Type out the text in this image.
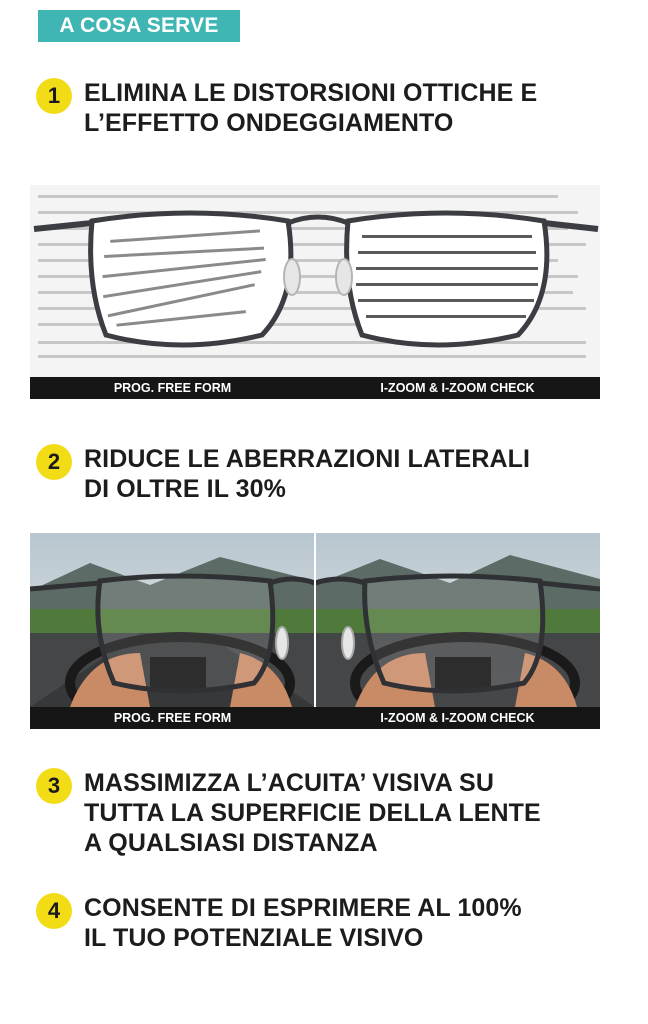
A COSA SERVE
1 ELIMINA LE DISTORSIONI OTTICHE E
L’EFFETTO ONDEGGIAMENTO
PROG. FREE FORM	I-ZOOM & I-ZOOM CHECK
2 RIDUCE LE ABERRAZIONI LATERALI
DI OLTRE IL 30%
PROG. FREE FORM	I-ZOOM & I-ZOOM CHECK
3 MASSIMIZZA L’ACUITA’ VISIVA SU
TUTTA LA SUPERFICIE DELLA LENTE
A QUALSIASI DISTANZA
4 CONSENTE DI ESPRIMERE AL 100%
IL TUO POTENZIALE VISIVO
